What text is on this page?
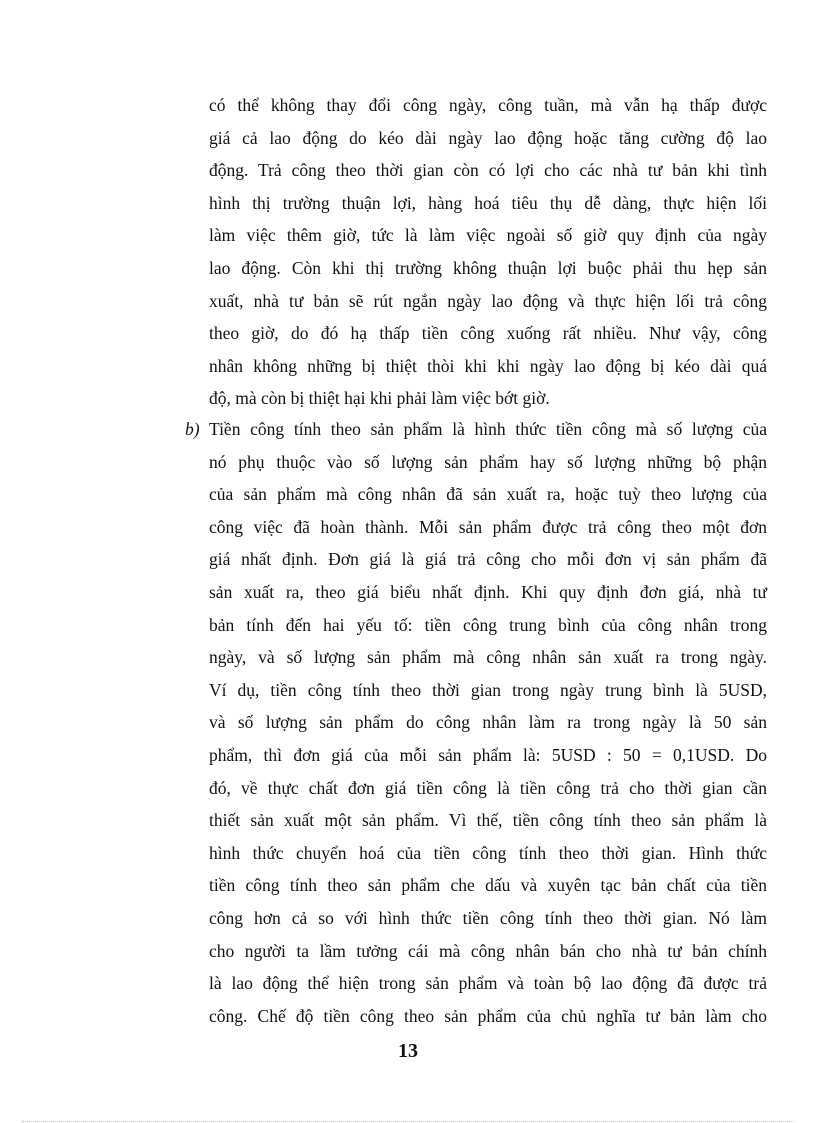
có thể không thay đổi công ngày, công tuần, mà vẫn hạ thấp được
giá cả lao động do kéo dài ngày lao động hoặc tăng cường độ lao
động. Trả công theo thời gian còn có lợi cho các nhà tư bản khi tình
hình thị trường thuận lợi, hàng hoá tiêu thụ dễ dàng, thực hiện lối
làm việc thêm giờ, tức là làm việc ngoài số giờ quy định của ngày
lao động. Còn khi thị trường không thuận lợi buộc phải thu hẹp sản
xuất, nhà tư bản sẽ rút ngắn ngày lao động và thực hiện lối trả công
theo giờ, do đó hạ thấp tiền công xuống rất nhiều. Như vậy, công
nhân không những bị thiệt thòi khi khi ngày lao động bị kéo dài quá
độ, mà còn bị thiệt hại khi phải làm việc bớt giờ.
b) Tiền công tính theo sản phẩm là hình thức tiền công mà số lượng của
nó phụ thuộc vào số lượng sản phẩm hay số lượng những bộ phận
của sản phẩm mà công nhân đã sản xuất ra, hoặc tuỳ theo lượng của
công việc đã hoàn thành. Mỗi sản phẩm được trả công theo một đơn
giá nhất định. Đơn giá là giá trả công cho mỗi đơn vị sản phẩm đã
sản xuất ra, theo giá biểu nhất định. Khi quy định đơn giá, nhà tư
bản tính đến hai yếu tố: tiền công trung bình của công nhân trong
ngày, và số lượng sản phẩm mà công nhân sản xuất ra trong ngày.
Ví dụ, tiền công tính theo thời gian trong ngày trung bình là 5USD,
và số lượng sản phẩm do công nhân làm ra trong ngày là 50 sản
phẩm, thì đơn giá của mỗi sản phẩm là: 5USD : 50 = 0,1USD. Do
đó, về thực chất đơn giá tiền công là tiền công trả cho thời gian cần
thiết sản xuất một sản phẩm. Vì thế, tiền công tính theo sản phẩm là
hình thức chuyển hoá của tiền công tính theo thời gian. Hình thức
tiền công tính theo sản phẩm che dấu và xuyên tạc bản chất của tiền
công hơn cả so với hình thức tiền công tính theo thời gian. Nó làm
cho người ta lầm tưởng cái mà công nhân bán cho nhà tư bản chính
là lao động thể hiện trong sản phẩm và toàn bộ lao động đã được trả
công. Chế độ tiền công theo sản phẩm của chủ nghĩa tư bản làm cho
13
